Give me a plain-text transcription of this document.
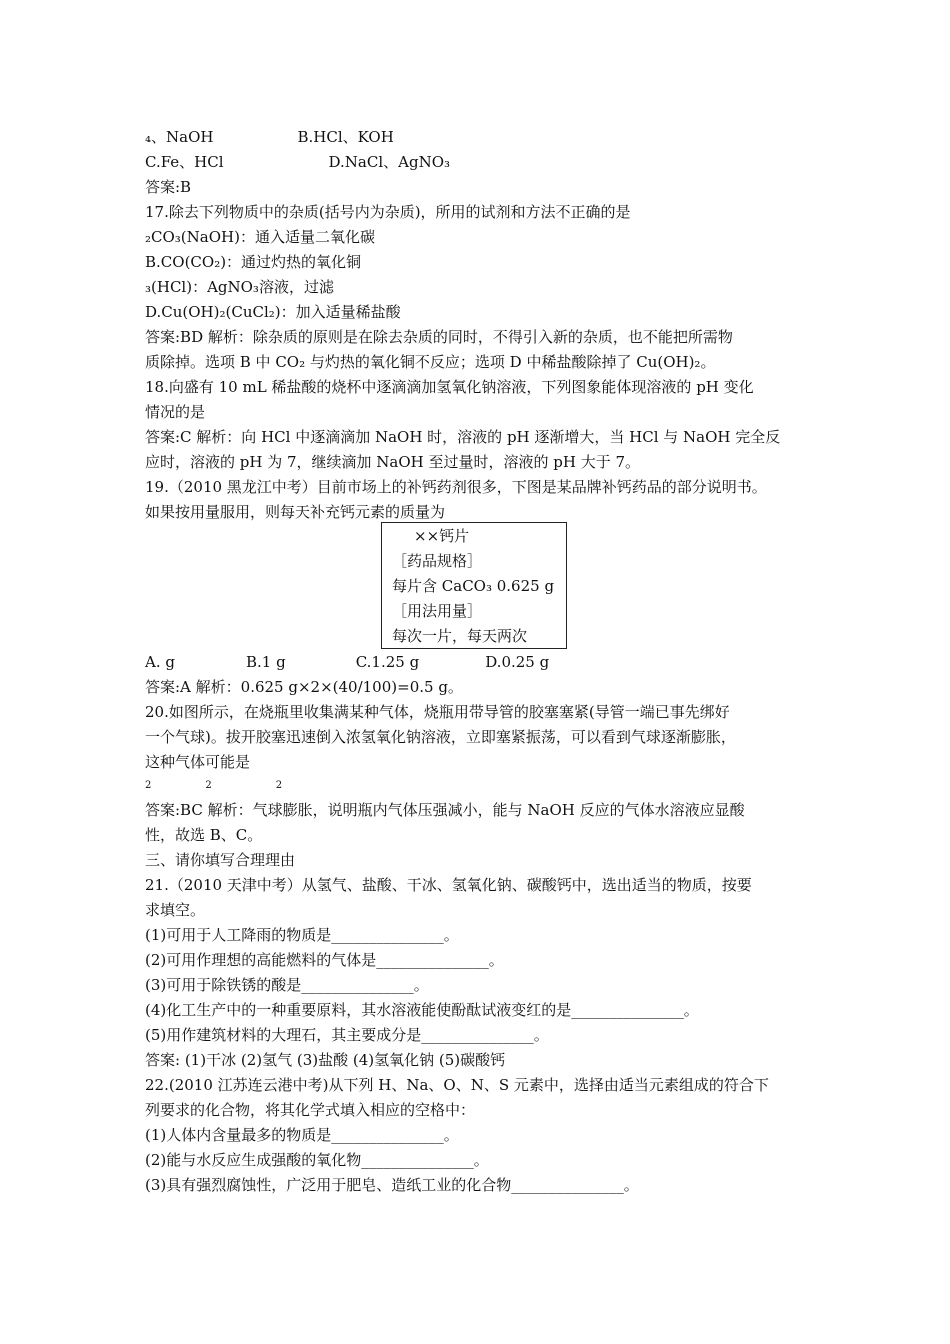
₄、NaOH	B.HCl、KOH
C.Fe、HCl	D.NaCl、AgNO₃
答案:B
17.除去下列物质中的杂质(括号内为杂质)，所用的试剂和方法不正确的是
₂CO₃(NaOH)：通入适量二氧化碳
B.CO(CO₂)：通过灼热的氧化铜
₃(HCl)：AgNO₃溶液，过滤
D.Cu(OH)₂(CuCl₂)：加入适量稀盐酸
答案:BD 解析：除杂质的原则是在除去杂质的同时，不得引入新的杂质，也不能把所需物
质除掉。选项 B 中 CO₂ 与灼热的氧化铜不反应；选项 D 中稀盐酸除掉了 Cu(OH)₂。
18.向盛有 10 mL 稀盐酸的烧杯中逐滴滴加氢氧化钠溶液，下列图象能体现溶液的 pH 变化
情况的是
答案:C 解析：向 HCl 中逐滴滴加 NaOH 时，溶液的 pH 逐渐增大，当 HCl 与 NaOH 完全反
应时，溶液的 pH 为 7，继续滴加 NaOH 至过量时，溶液的 pH 大于 7。
19.（2010 黑龙江中考）目前市场上的补钙药剂很多，下图是某品牌补钙药品的部分说明书。
如果按用量服用，则每天补充钙元素的质量为
××钙片
［药品规格］
每片含 CaCO₃ 0.625 g
［用法用量］
每次一片，每天两次
A. g	B.1 g	C.1.25 g	D.0.25 g
答案:A 解析：0.625 g×2×(40/100)=0.5 g。
20.如图所示，在烧瓶里收集满某种气体，烧瓶用带导管的胶塞塞紧(导管一端已事先绑好
一个气球)。拔开胶塞迅速倒入浓氢氧化钠溶液，立即塞紧振荡，可以看到气球逐渐膨胀，
这种气体可能是
2	2	2
答案:BC 解析：气球膨胀，说明瓶内气体压强减小，能与 NaOH 反应的气体水溶液应显酸
性，故选 B、C。
三、请你填写合理理由
21.（2010 天津中考）从氢气、盐酸、干冰、氢氧化钠、碳酸钙中，选出适当的物质，按要
求填空。
(1)可用于人工降雨的物质是_______________。
(2)可用作理想的高能燃料的气体是_______________。
(3)可用于除铁锈的酸是_______________。
(4)化工生产中的一种重要原料，其水溶液能使酚酞试液变红的是_______________。
(5)用作建筑材料的大理石，其主要成分是_______________。
答案: (1)干冰 (2)氢气 (3)盐酸 (4)氢氧化钠 (5)碳酸钙
22.(2010 江苏连云港中考)从下列 H、Na、O、N、S 元素中，选择由适当元素组成的符合下
列要求的化合物，将其化学式填入相应的空格中：
(1)人体内含量最多的物质是_______________。
(2)能与水反应生成强酸的氧化物_______________。
(3)具有强烈腐蚀性，广泛用于肥皂、造纸工业的化合物_______________。
